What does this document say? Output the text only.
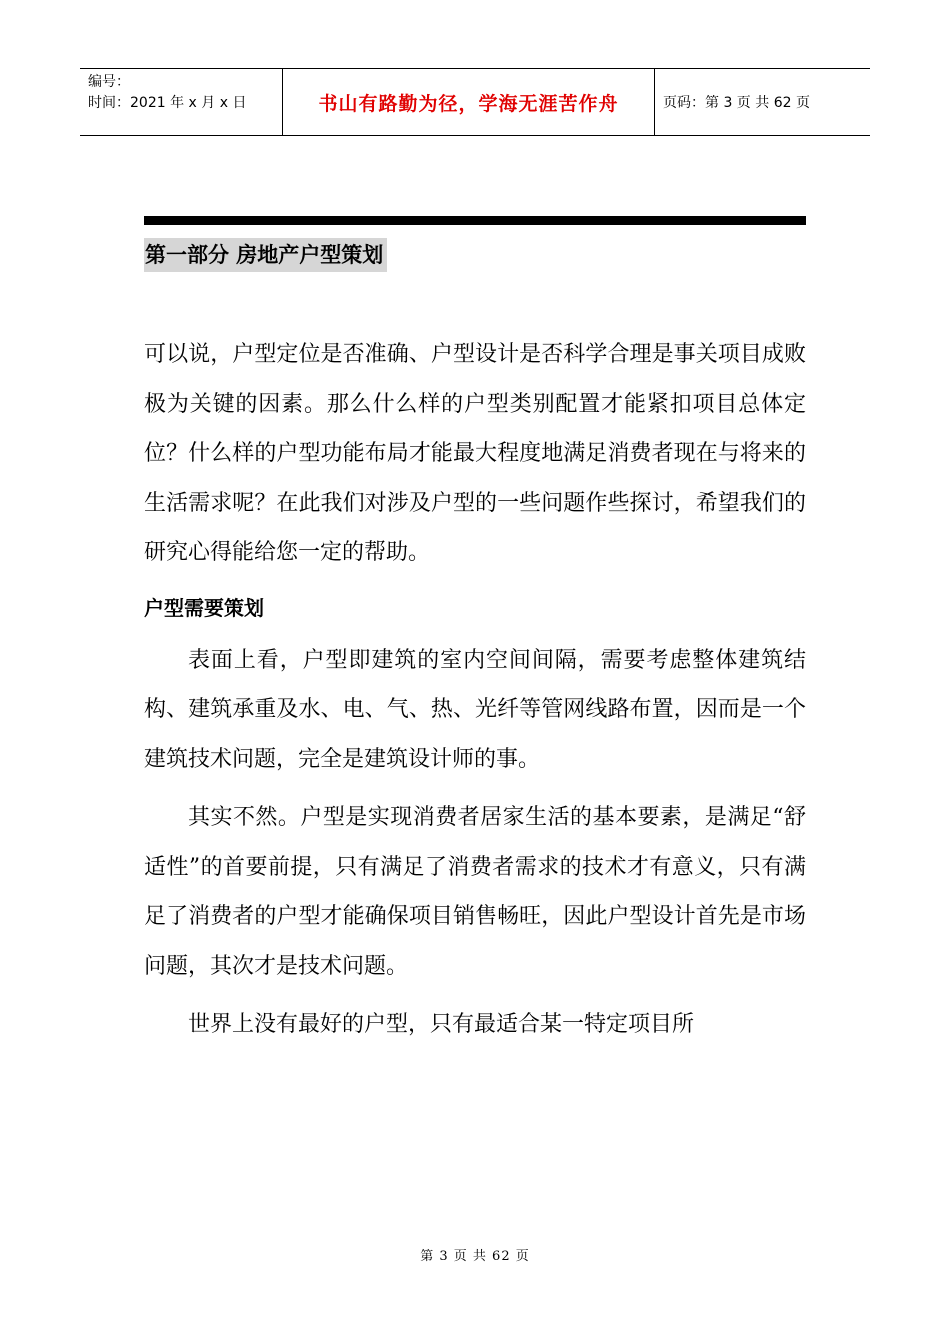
编号：
时间：2021 年 x 月 x 日	书山有路勤为径，学海无涯苦作舟	页码：第 3 页 共 62 页
第一部分 房地产户型策划

可以说，户型定位是否准确、户型设计是否科学合理是事关项目成败极为关键的因素。那么什么样的户型类别配置才能紧扣项目总体定位？什么样的户型功能布局才能最大程度地满足消费者现在与将来的生活需求呢？在此我们对涉及户型的一些问题作些探讨，希望我们的研究心得能给您一定的帮助。

户型需要策划

表面上看，户型即建筑的室内空间间隔，需要考虑整体建筑结构、建筑承重及水、电、气、热、光纤等管网线路布置，因而是一个建筑技术问题，完全是建筑设计师的事。

其实不然。户型是实现消费者居家生活的基本要素，是满足“舒适性”的首要前提，只有满足了消费者需求的技术才有意义，只有满足了消费者的户型才能确保项目销售畅旺，因此户型设计首先是市场问题，其次才是技术问题。

世界上没有最好的户型，只有最适合某一特定项目所

第 3 页 共 62 页
